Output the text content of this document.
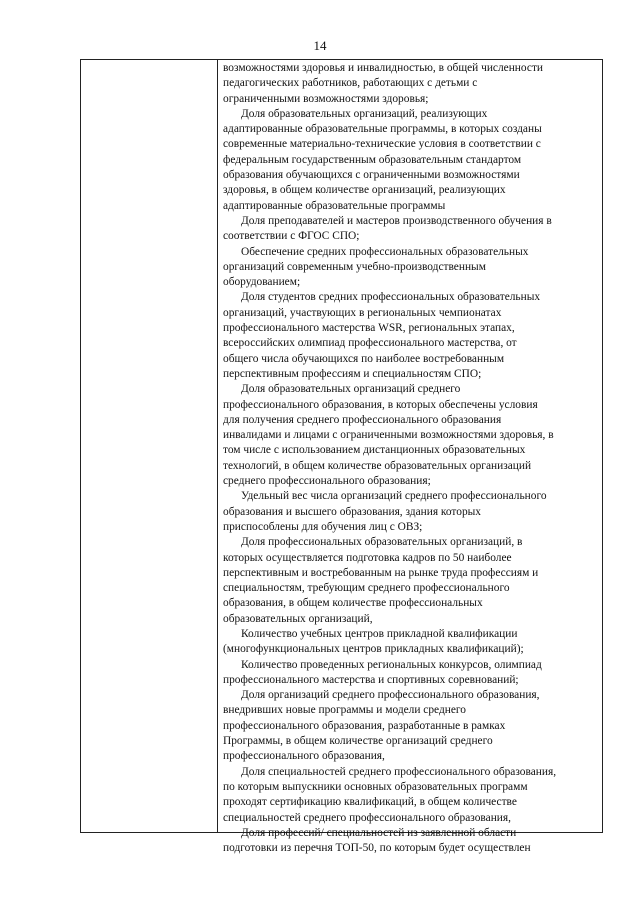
14

возможностями здоровья и инвалидностью, в общей численности
педагогических работников, работающих с детьми с
ограниченными возможностями здоровья;

Доля образовательных организаций, реализующих
адаптированные образовательные программы, в которых созданы
современные материально-технические условия в соответствии с
федеральным государственным образовательным стандартом
образования обучающихся с ограниченными возможностями
здоровья, в общем количестве организаций, реализующих
адаптированные образовательные программы

Доля преподавателей и мастеров производственного обучения в
соответствии с ФГОС СПО;

Обеспечение средних профессиональных образовательных
организаций современным учебно-производственным
оборудованием;

Доля студентов средних профессиональных образовательных
организаций, участвующих в региональных чемпионатах
профессионального мастерства WSR, региональных этапах,
всероссийских олимпиад профессионального мастерства, от
общего числа обучающихся по наиболее востребованным
перспективным профессиям и специальностям СПО;

Доля образовательных организаций среднего
профессионального образования, в которых обеспечены условия
для получения среднего профессионального образования
инвалидами и лицами с ограниченными возможностями здоровья, в
том числе с использованием дистанционных образовательных
технологий, в общем количестве образовательных организаций
среднего профессионального образования;

Удельный вес числа организаций среднего профессионального
образования и высшего образования, здания которых
приспособлены для обучения лиц с ОВЗ;

Доля профессиональных образовательных организаций, в
которых осуществляется подготовка кадров по 50 наиболее
перспективным и востребованным на рынке труда профессиям и
специальностям, требующим среднего профессионального
образования, в общем количестве профессиональных
образовательных организаций,

Количество учебных центров прикладной квалификации
(многофункциональных центров прикладных квалификаций);

Количество проведенных региональных конкурсов, олимпиад
профессионального мастерства и спортивных соревнований;

Доля организаций среднего профессионального образования,
внедривших новые программы и модели среднего
профессионального образования, разработанные в рамках
Программы, в общем количестве организаций среднего
профессионального образования,

Доля специальностей среднего профессионального образования,
по которым выпускники основных образовательных программ
проходят сертификацию квалификаций, в общем количестве
специальностей среднего профессионального образования,

Доля профессий/ специальностей из заявленной области
подготовки из перечня ТОП-50, по которым будет осуществлен
